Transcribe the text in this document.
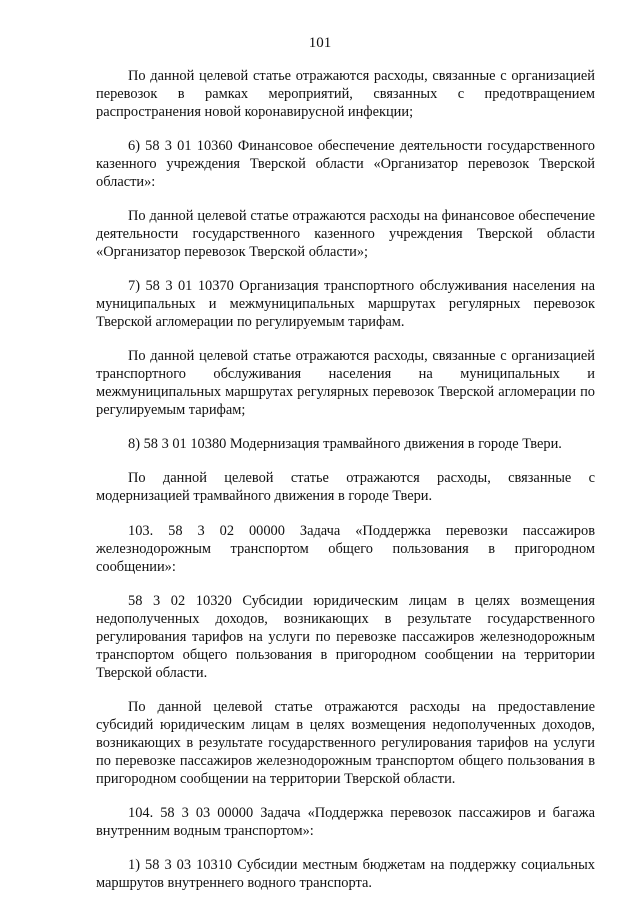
101

По данной целевой статье отражаются расходы, связанные с организацией перевозок в рамках мероприятий, связанных с предотвращением распространения новой коронавирусной инфекции;

6) 58 3 01 10360 Финансовое обеспечение деятельности государственного казенного учреждения Тверской области «Организатор перевозок Тверской области»:

По данной целевой статье отражаются расходы на финансовое обеспечение деятельности государственного казенного учреждения Тверской области «Организатор перевозок Тверской области»;

7) 58 3 01 10370 Организация транспортного обслуживания населения на муниципальных и межмуниципальных маршрутах регулярных перевозок Тверской агломерации по регулируемым тарифам.

По данной целевой статье отражаются расходы, связанные с организацией транспортного обслуживания населения на муниципальных и межмуниципальных маршрутах регулярных перевозок Тверской агломерации по регулируемым тарифам;

8) 58 3 01 10380 Модернизация трамвайного движения в городе Твери.

По данной целевой статье отражаются расходы, связанные с модернизацией трамвайного движения в городе Твери.

103. 58 3 02 00000 Задача «Поддержка перевозки пассажиров железнодорожным транспортом общего пользования в пригородном сообщении»:

58 3 02 10320 Субсидии юридическим лицам в целях возмещения недополученных доходов, возникающих в результате государственного регулирования тарифов на услуги по перевозке пассажиров железнодорожным транспортом общего пользования в пригородном сообщении на территории Тверской области.

По данной целевой статье отражаются расходы на предоставление субсидий юридическим лицам в целях возмещения недополученных доходов, возникающих в результате государственного регулирования тарифов на услуги по перевозке пассажиров железнодорожным транспортом общего пользования в пригородном сообщении на территории Тверской области.

104. 58 3 03 00000 Задача «Поддержка перевозок пассажиров и багажа внутренним водным транспортом»:

1) 58 3 03 10310 Субсидии местным бюджетам на поддержку социальных маршрутов внутреннего водного транспорта.
